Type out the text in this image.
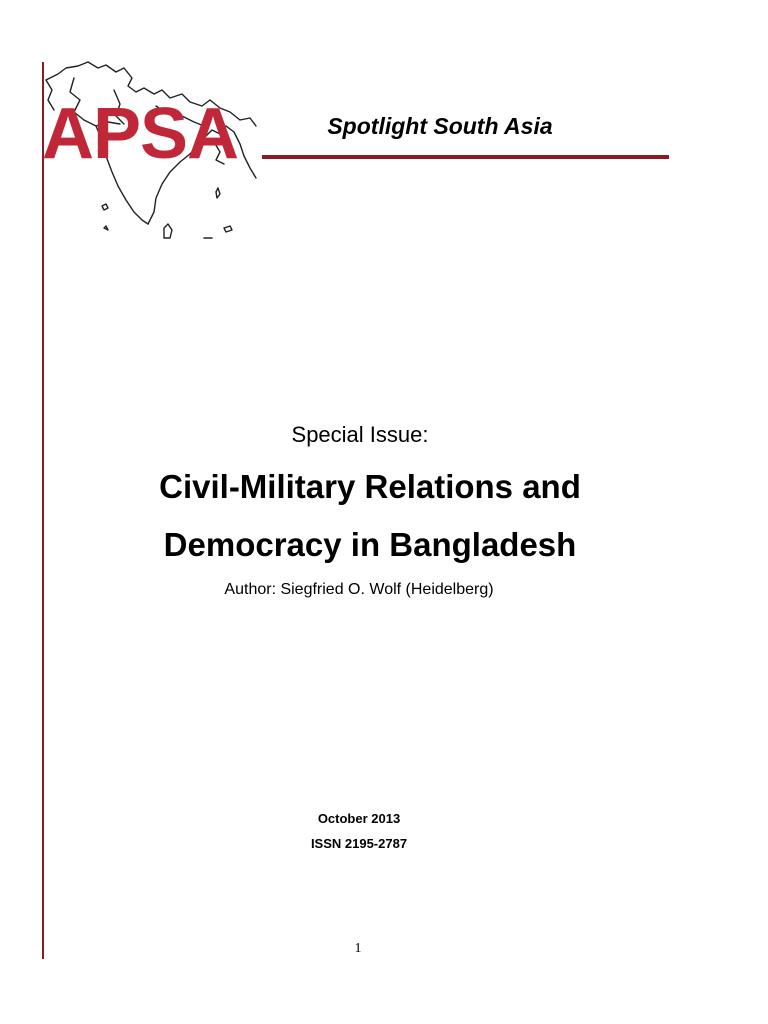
APSA	Spotlight South Asia

Special Issue:

Civil-Military Relations and
Democracy in Bangladesh

Author: Siegfried O. Wolf (Heidelberg)

October 2013

ISSN 2195-2787

1
